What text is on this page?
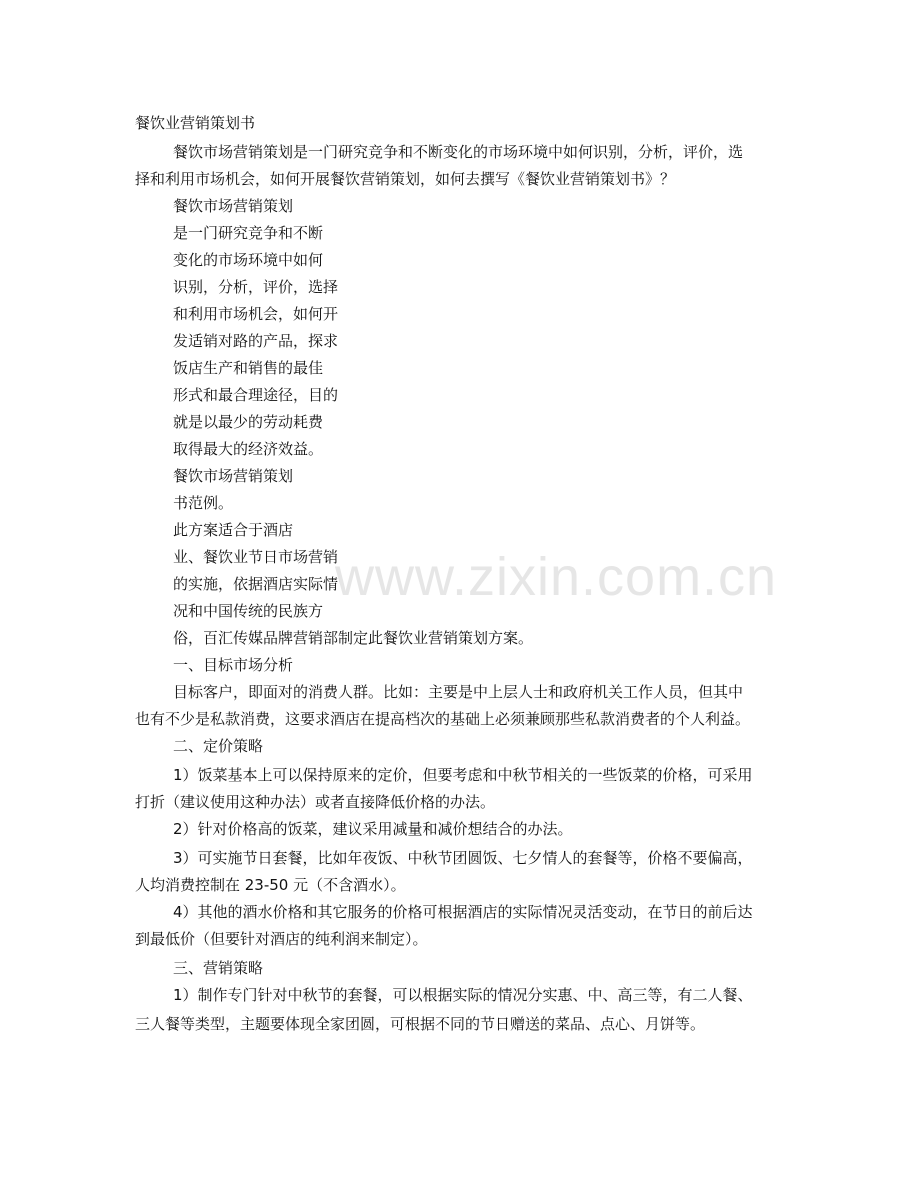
www.zixin.com.cn
餐饮业营销策划书
餐饮市场营销策划是一门研究竞争和不断变化的市场环境中如何识别，分析，评价，选
择和利用市场机会，如何开展餐饮营销策划，如何去撰写《餐饮业营销策划书》？
餐饮市场营销策划
是一门研究竞争和不断
变化的市场环境中如何
识别，分析，评价，选择
和利用市场机会，如何开
发适销对路的产品，探求
饭店生产和销售的最佳
形式和最合理途径，目的
就是以最少的劳动耗费
取得最大的经济效益。
餐饮市场营销策划
书范例。
此方案适合于酒店
业、餐饮业节日市场营销
的实施，依据酒店实际情
况和中国传统的民族方
俗，百汇传媒品牌营销部制定此餐饮业营销策划方案。
一、目标市场分析
目标客户，即面对的消费人群。比如：主要是中上层人士和政府机关工作人员，但其中
也有不少是私款消费，这要求酒店在提高档次的基础上必须兼顾那些私款消费者的个人利益。
二、定价策略
1）饭菜基本上可以保持原来的定价，但要考虑和中秋节相关的一些饭菜的价格，可采用
打折（建议使用这种办法）或者直接降低价格的办法。
2）针对价格高的饭菜，建议采用减量和减价想结合的办法。
3）可实施节日套餐，比如年夜饭、中秋节团圆饭、七夕情人的套餐等，价格不要偏高，
人均消费控制在 23-50 元（不含酒水）。
4）其他的酒水价格和其它服务的价格可根据酒店的实际情况灵活变动，在节日的前后达
到最低价（但要针对酒店的纯利润来制定）。
三、营销策略
1）制作专门针对中秋节的套餐，可以根据实际的情况分实惠、中、高三等，有二人餐、
三人餐等类型，主题要体现全家团圆，可根据不同的节日赠送的菜品、点心、月饼等。
